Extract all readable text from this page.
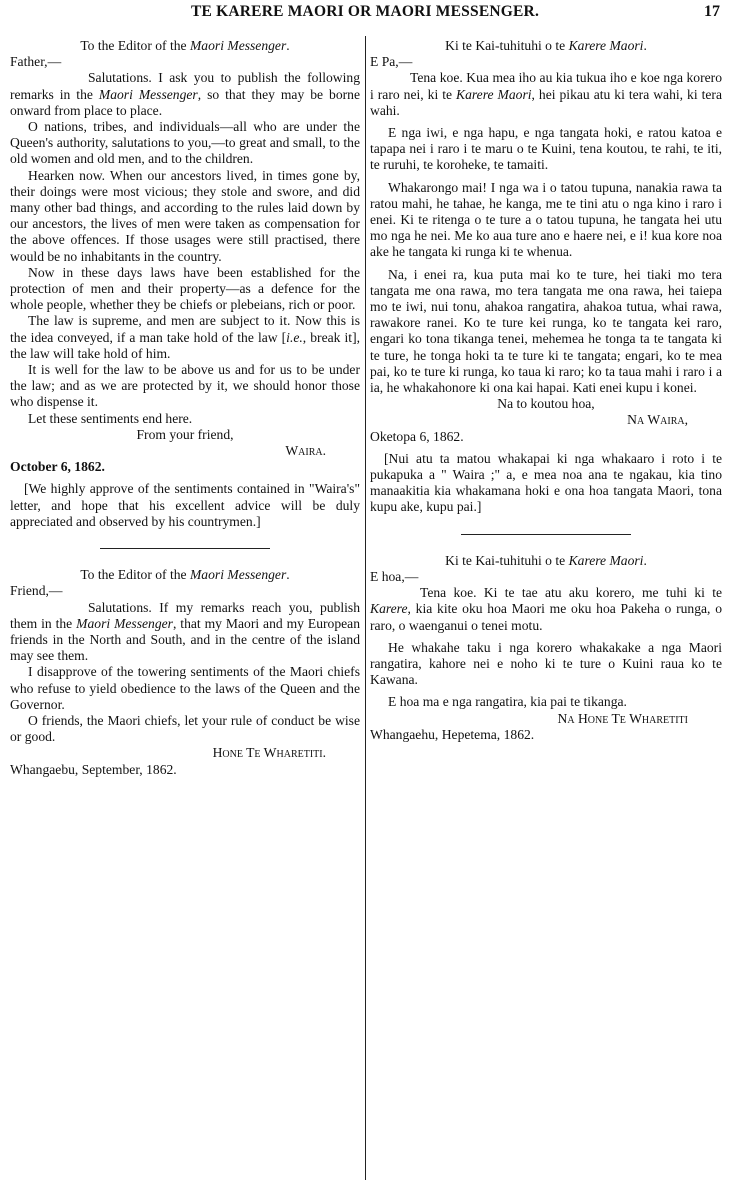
TE KARERE MAORI OR MAORI MESSENGER.	17

To the Editor of the Maori Messenger.

Father,—

Salutations. I ask you to publish the following remarks in the Maori Messenger, so that they may be borne onward from place to place.

O nations, tribes, and individuals—all who are under the Queen's authority, salutations to you,—to great and small, to the old women and old men, and to the children.

Hearken now. When our ancestors lived, in times gone by, their doings were most vicious; they stole and swore, and did many other bad things, and according to the rules laid down by our ancestors, the lives of men were taken as compensation for the above offences. If those usages were still practised, there would be no inhabitants in the country.

Now in these days laws have been established for the protection of men and their property—as a defence for the whole people, whether they be chiefs or plebeians, rich or poor.

The law is supreme, and men are subject to it. Now this is the idea conveyed, if a man take hold of the law [i.e., break it], the law will take hold of him.

It is well for the law to be above us and for us to be under the law; and as we are protected by it, we should honor those who dispense it.

Let these sentiments end here.

From your friend,

Waira.

October 6, 1862.

[We highly approve of the sentiments contained in "Waira's" letter, and hope that his excellent advice will be duly appreciated and observed by his countrymen.]

To the Editor of the Maori Messenger.

Friend,—

Salutations. If my remarks reach you, publish them in the Maori Messenger, that my Maori and my European friends in the North and South, and in the centre of the island may see them.

I disapprove of the towering sentiments of the Maori chiefs who refuse to yield obedience to the laws of the Queen and the Governor.

O friends, the Maori chiefs, let your rule of conduct be wise or good.

Hone Te Wharetiti.

Whangaebu, September, 1862.

Ki te Kai-tuhituhi o te Karere Maori.

E Pa,—

Tena koe. Kua mea iho au kia tukua iho e koe nga korero i raro nei, ki te Karere Maori, hei pikau atu ki tera wahi, ki tera wahi.

E nga iwi, e nga hapu, e nga tangata hoki, e ratou katoa e tapapa nei i raro i te maru o te Kuini, tena koutou, te rahi, te iti, te ruruhi, te koroheke, te tamaiti.

Whakarongo mai! I nga wa i o tatou tupuna, nanakia rawa ta ratou mahi, he tahae, he kanga, me te tini atu o nga kino i raro i enei. Ki te ritenga o te ture a o tatou tupuna, he tangata hei utu mo nga he nei. Me ko aua ture ano e haere nei, e i! kua kore noa ake he tangata ki runga ki te whenua.

Na, i enei ra, kua puta mai ko te ture, hei tiaki mo tera tangata me ona rawa, mo tera tangata me ona rawa, hei taiepa mo te iwi, nui tonu, ahakoa rangatira, ahakoa tutua, whai rawa, rawakore ranei. Ko te ture kei runga, ko te tangata kei raro, engari ko tona tikanga tenei, mehemea he tonga ta te tangata ki te ture, he tonga hoki ta te ture ki te tangata; engari, ko te mea pai, ko te ture ki runga, ko taua ki raro; ko ta taua mahi i raro i a ia, he whakahonore ki ona kai hapai. Kati enei kupu i konei.

Na to koutou hoa,

Na Waira,

Oketopa 6, 1862.

[Nui atu ta matou whakapai ki nga whakaaro i roto i te pukapuka a " Waira ;" a, e mea noa ana te ngakau, kia tino manaakitia kia whakamana hoki e ona hoa tangata Maori, tona kupu ake, kupu pai.]

Ki te Kai-tuhituhi o te Karere Maori.

E hoa,—

Tena koe. Ki te tae atu aku korero, me tuhi ki te Karere, kia kite oku hoa Maori me oku hoa Pakeha o runga, o raro, o waenganui o tenei motu.

He whakahe taku i nga korero whakakake a nga Maori rangatira, kahore nei e noho ki te ture o Kuini raua ko te Kawana.

E hoa ma e nga rangatira, kia pai te tikanga.

Na Hone Te Wharetiti

Whangaehu, Hepetema, 1862.
